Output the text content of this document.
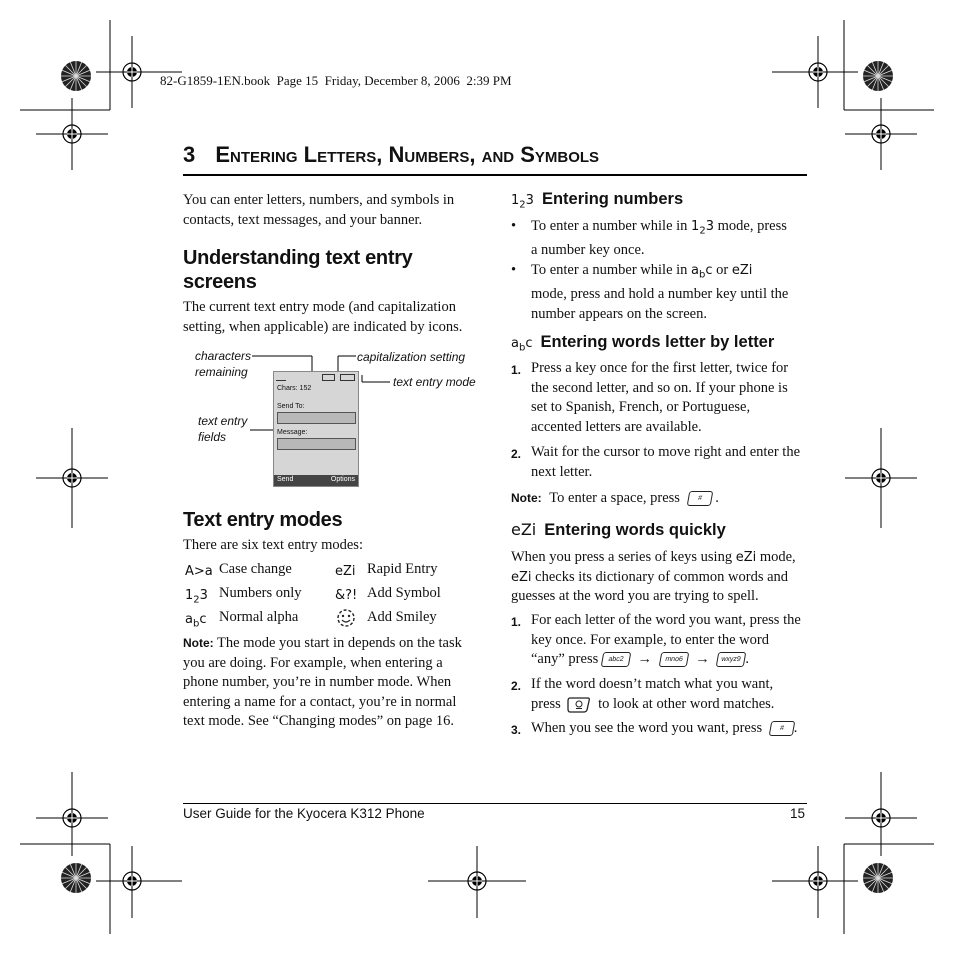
82-G1859-1EN.book  Page 15  Friday, December 8, 2006  2:39 PM
3 Entering Letters, Numbers, and Symbols
You can enter letters, numbers, and symbols in contacts, text messages, and your banner.
Understanding text entry
screens
The current text entry mode (and capitalization setting, when applicable) are indicated by icons.
characters
remaining
capitalization setting
text entry mode
text entry
fields
Chars: 152
Send To:
Message:
Send	Options
Text entry modes
There are six text entry modes:
A>a Case change	eZi Rapid Entry
$1_23$ Numbers only	&?! Add Symbol
$a_bc$ Normal alpha	Add Smiley
Note: The mode you start in depends on the task you are doing. For example, when entering a phone number, you’re in number mode. When entering a name for a contact, you’re in normal text mode. See “Changing modes” on page 16.
$1_23$ Entering numbers
• To enter a number while in $1_23$ mode, press
a number key once.
• To enter a number while in $a_bc$ or eZi
mode, press and hold a number key until the
number appears on the screen.
$a_bc$ Entering words letter by letter
1. Press a key once for the first letter, twice for
the second letter, and so on. If your phone is
set to Spanish, French, or Portuguese,
accented letters are available.
2. Wait for the cursor to move right and enter the
next letter.
Note: To enter a space, press # .
eZi Entering words quickly
When you press a series of keys using eZi mode,
eZi checks its dictionary of common words and
guesses at the word you are trying to spell.
1. For each letter of the word you want, press the
key once. For example, to enter the word
“any” press abc2 → mno6 → wxyz9 .
2. If the word doesn’t match what you want,
press	to look at other word matches.
3. When you see the word you want, press # .
User Guide for the Kyocera K312 Phone	15
